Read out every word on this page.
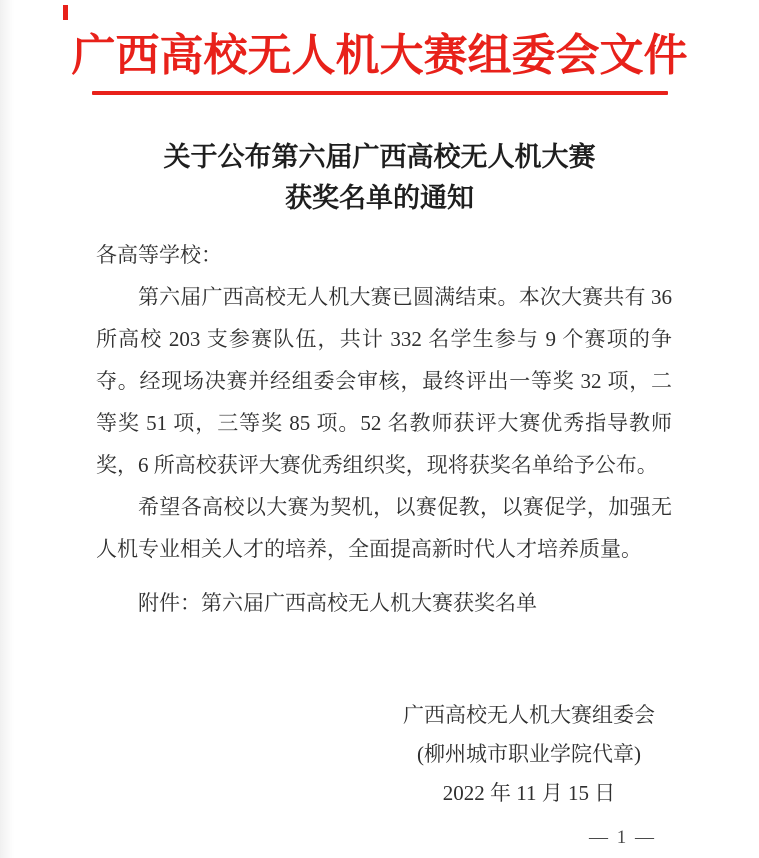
广西高校无人机大赛组委会文件
关于公布第六届广西高校无人机大赛
获奖名单的通知

各高等学校：

第六届广西高校无人机大赛已圆满结束。本次大赛共有 36 所高校 203 支参赛队伍，共计 332 名学生参与 9 个赛项的争夺。经现场决赛并经组委会审核，最终评出一等奖 32 项，二等奖 51 项，三等奖 85 项。52 名教师获评大赛优秀指导教师奖，6 所高校获评大赛优秀组织奖，现将获奖名单给予公布。

希望各高校以大赛为契机，以赛促教，以赛促学，加强无人机专业相关人才的培养，全面提高新时代人才培养质量。

附件：第六届广西高校无人机大赛获奖名单

广西高校无人机大赛组委会
(柳州城市职业学院代章)
2022 年 11 月 15 日
— 1 —
